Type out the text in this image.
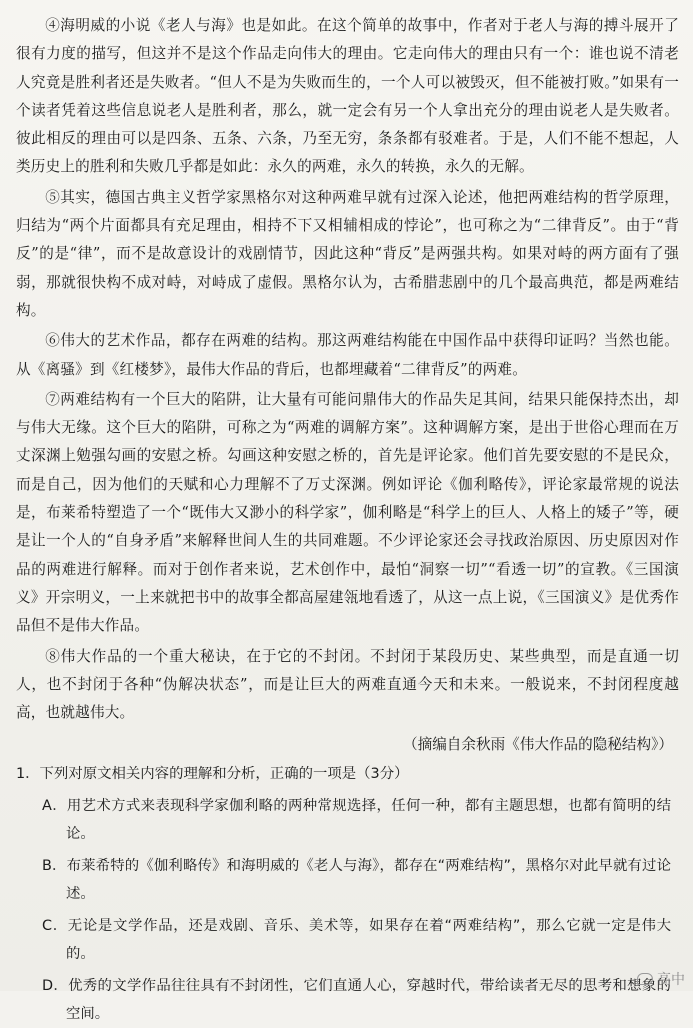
④海明威的小说《老人与海》也是如此。在这个简单的故事中，作者对于老人与海的搏斗展开了很有力度的描写，但这并不是这个作品走向伟大的理由。它走向伟大的理由只有一个：谁也说不清老人究竟是胜利者还是失败者。“但人不是为失败而生的，一个人可以被毁灭，但不能被打败。”如果有一个读者凭着这些信息说老人是胜利者，那么，就一定会有另一个人拿出充分的理由说老人是失败者。彼此相反的理由可以是四条、五条、六条，乃至无穷，条条都有驳难者。于是，人们不能不想起，人类历史上的胜利和失败几乎都是如此：永久的两难，永久的转换，永久的无解。

⑤其实，德国古典主义哲学家黑格尔对这种两难早就有过深入论述，他把两难结构的哲学原理，归结为“两个片面都具有充足理由，相持不下又相辅相成的悖论”，也可称之为“二律背反”。由于“背反”的是“律”，而不是故意设计的戏剧情节，因此这种“背反”是两强共构。如果对峙的两方面有了强弱，那就很快构不成对峙，对峙成了虚假。黑格尔认为，古希腊悲剧中的几个最高典范，都是两难结构。

⑥伟大的艺术作品，都存在两难的结构。那这两难结构能在中国作品中获得印证吗？当然也能。从《离骚》到《红楼梦》，最伟大作品的背后，也都埋藏着“二律背反”的两难。

⑦两难结构有一个巨大的陷阱，让大量有可能问鼎伟大的作品失足其间，结果只能保持杰出，却与伟大无缘。这个巨大的陷阱，可称之为“两难的调解方案”。这种调解方案，是出于世俗心理而在万丈深渊上勉强勾画的安慰之桥。勾画这种安慰之桥的，首先是评论家。他们首先要安慰的不是民众，而是自己，因为他们的天赋和心力理解不了万丈深渊。例如评论《伽利略传》，评论家最常规的说法是，布莱希特塑造了一个“既伟大又渺小的科学家”，伽利略是“科学上的巨人、人格上的矮子”等，硬是让一个人的“自身矛盾”来解释世间人生的共同难题。不少评论家还会寻找政治原因、历史原因对作品的两难进行解释。而对于创作者来说，艺术创作中，最怕“洞察一切”“看透一切”的宣教。《三国演义》开宗明义，一上来就把书中的故事全都高屋建瓴地看透了，从这一点上说，《三国演义》是优秀作品但不是伟大作品。

⑧伟大作品的一个重大秘诀，在于它的不封闭。不封闭于某段历史、某些典型，而是直通一切人，也不封闭于各种“伪解决状态”，而是让巨大的两难直通今天和未来。一般说来，不封闭程度越高，也就越伟大。

（摘编自余秋雨《伟大作品的隐秘结构》）

1．下列对原文相关内容的理解和分析，正确的一项是（3分）

A．用艺术方式来表现科学家伽利略的两种常规选择，任何一种，都有主题思想，也都有简明的结论。

B．布莱希特的《伽利略传》和海明威的《老人与海》，都存在“两难结构”，黑格尔对此早就有过论述。

C．无论是文学作品，还是戏剧、音乐、美术等，如果存在着“两难结构”，那么它就一定是伟大的。

D．优秀的文学作品往往具有不封闭性，它们直通人心，穿越时代，带给读者无尽的思考和想象的空间。

高中
